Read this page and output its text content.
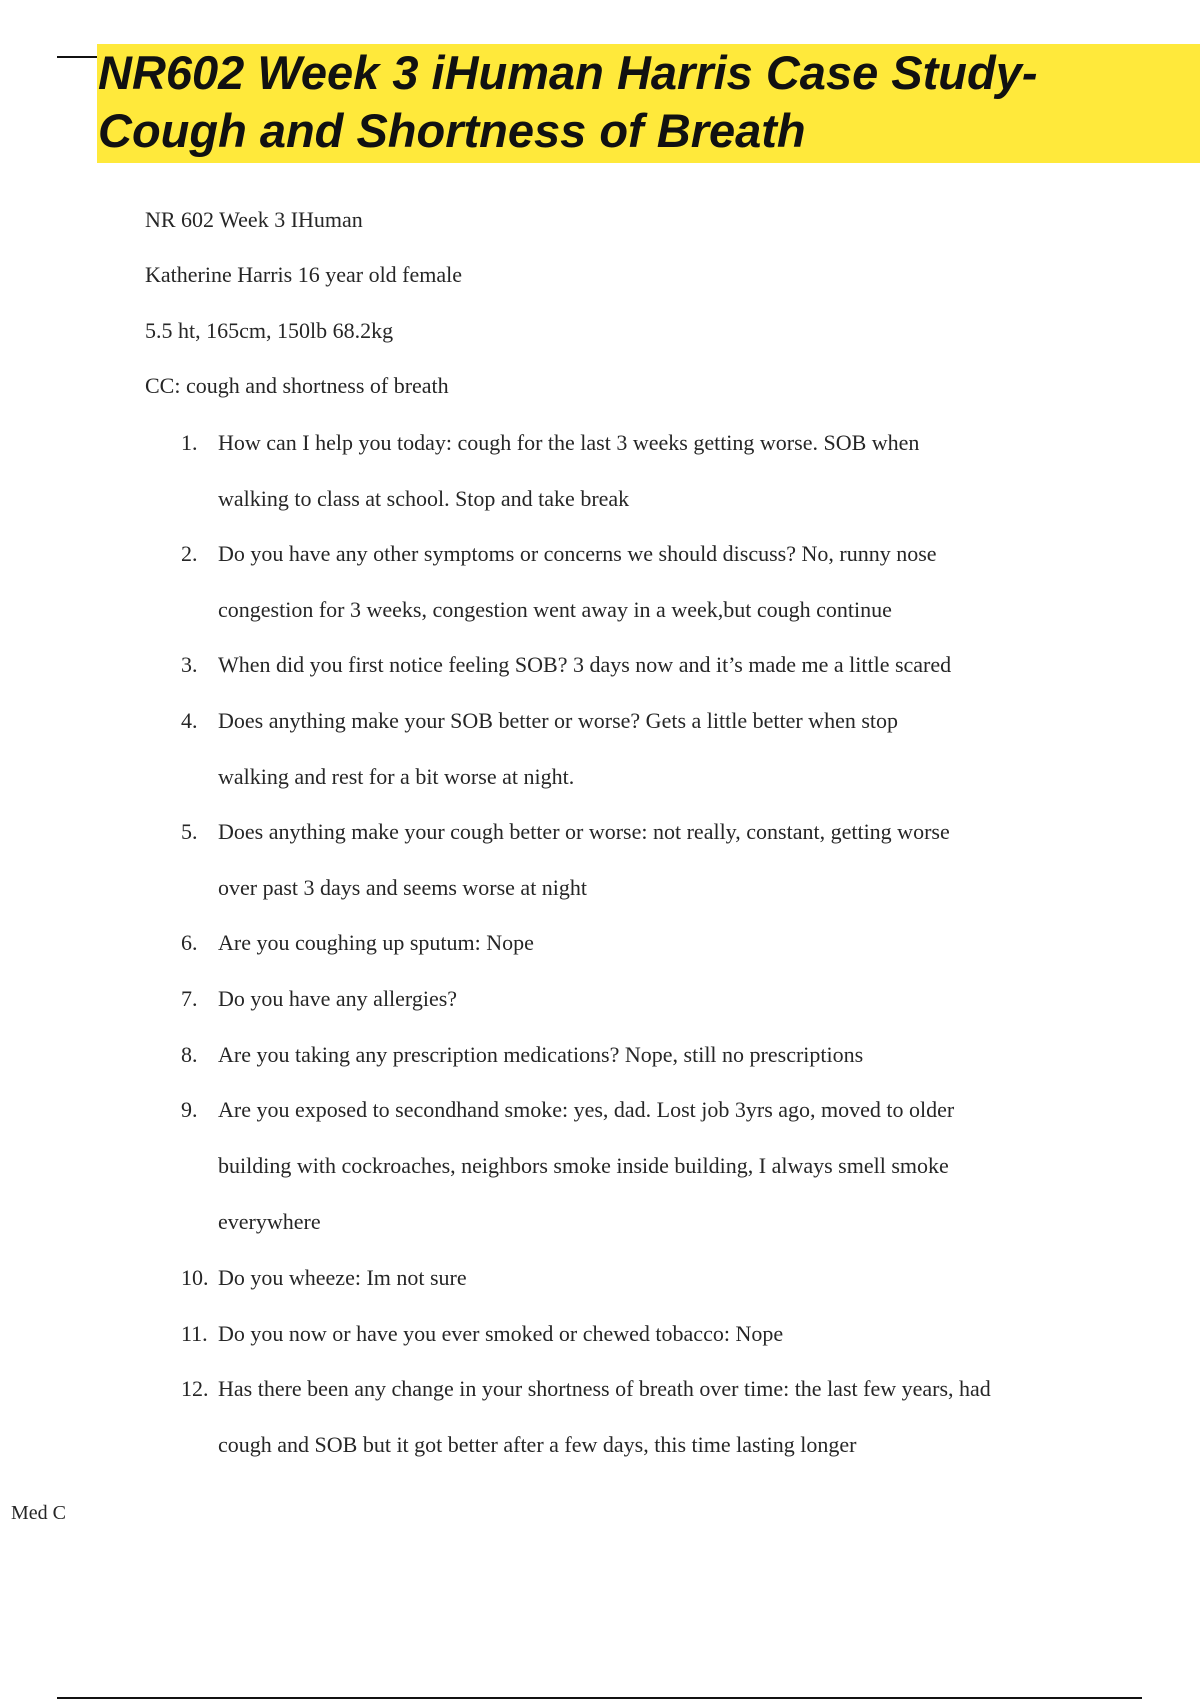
NR602 Week 3 iHuman Harris Case Study-
Cough and Shortness of Breath
NR 602 Week 3 IHuman
Katherine Harris 16 year old female
5.5 ht, 165cm, 150lb 68.2kg
CC: cough and shortness of breath
1. How can I help you today: cough for the last 3 weeks getting worse. SOB when
walking to class at school. Stop and take break
2. Do you have any other symptoms or concerns we should discuss? No, runny nose
congestion for 3 weeks, congestion went away in a week,but cough continue
3. When did you first notice feeling SOB? 3 days now and it’s made me a little scared
4. Does anything make your SOB better or worse? Gets a little better when stop
walking and rest for a bit worse at night.
5. Does anything make your cough better or worse: not really, constant, getting worse
over past 3 days and seems worse at night
6. Are you coughing up sputum: Nope
7. Do you have any allergies?
8. Are you taking any prescription medications? Nope, still no prescriptions
9. Are you exposed to secondhand smoke: yes, dad. Lost job 3yrs ago, moved to older
building with cockroaches, neighbors smoke inside building, I always smell smoke
everywhere
10. Do you wheeze: Im not sure
11. Do you now or have you ever smoked or chewed tobacco: Nope
12. Has there been any change in your shortness of breath over time: the last few years, had
cough and SOB but it got better after a few days, this time lasting longer
Med C
